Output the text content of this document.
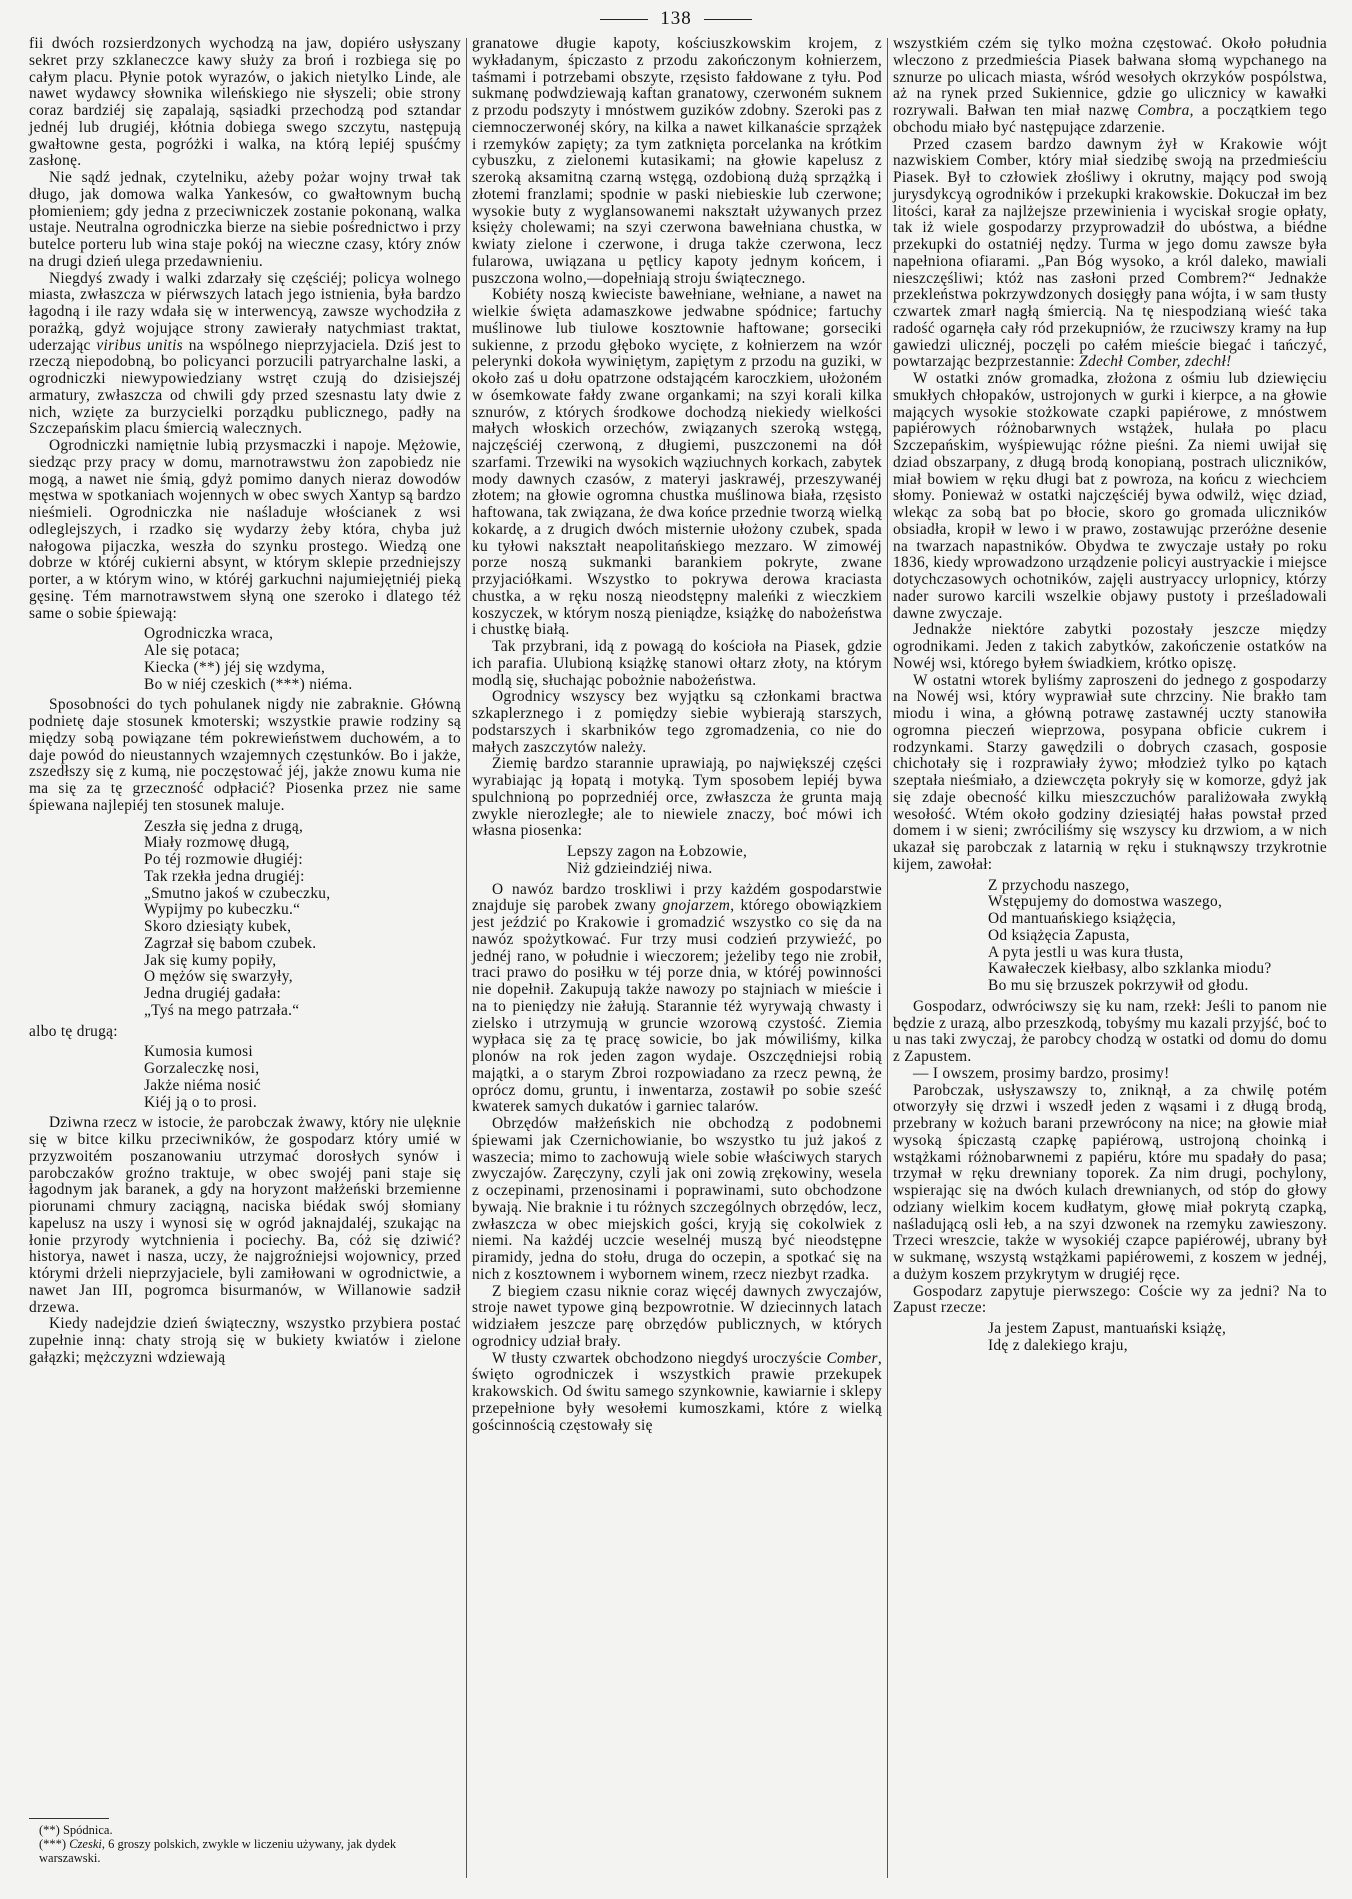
138

fii dwóch rozsierdzonych wychodzą na jaw, dopiéro usłyszany sekret przy szklaneczce kawy służy za broń i rozbiega się po całym placu. Płynie potok wyrazów, o jakich nietylko Linde, ale nawet wydawcy słownika wileńskiego nie słyszeli; obie strony coraz bardziéj się zapalają, sąsiadki przechodzą pod sztandar jednéj lub drugiéj, kłótnia dobiega swego szczytu, następują gwałtowne gesta, pogróżki i walka, na którą lepiéj spuśćmy zasłonę.

Nie sądź jednak, czytelniku, ażeby pożar wojny trwał tak długo, jak domowa walka Yankesów, co gwałtownym buchą płomieniem; gdy jedna z przeciwniczek zostanie pokonaną, walka ustaje. Neutralna ogrodniczka bierze na siebie pośrednictwo i przy butelce porteru lub wina staje pokój na wieczne czasy, który znów na drugi dzień ulega przedawnieniu.

Niegdyś zwady i walki zdarzały się częściéj; policya wolnego miasta, zwłaszcza w piérwszych latach jego istnienia, była bardzo łagodną i ile razy wdała się w interwencyą, zawsze wychodziła z porażką, gdyż wojujące strony zawierały natychmiast traktat, uderzając viribus unitis na wspólnego nieprzyjaciela. Dziś jest to rzeczą niepodobną, bo policyanci porzucili patryarchalne laski, a ogrodniczki niewypowiedziany wstręt czują do dzisiejszéj armatury, zwłaszcza od chwili gdy przed szesnastu laty dwie z nich, wzięte za burzycielki porządku publicznego, padły na Szczepańskim placu śmiercią walecznych.

Ogrodniczki namiętnie lubią przysmaczki i napoje. Mężowie, siedząc przy pracy w domu, marnotrawstwu żon zapobiedz nie mogą, a nawet nie śmią, gdyż pomimo danych nieraz dowodów męstwa w spotkaniach wojennych w obec swych Xantyp są bardzo nieśmieli. Ogrodniczka nie naśladuje włościanek z wsi odleglejszych, i rzadko się wydarzy żeby która, chyba już nałogowa pijaczka, weszła do szynku prostego. Wiedzą one dobrze w któréj cukierni absynt, w którym sklepie przedniejszy porter, a w którym wino, w któréj garkuchni najumiejętniéj pieką gęsinę. Tém marnotrawstwem słyną one szeroko i dlatego téż same o sobie śpiewają:

Ogrodniczka wraca,
Ale się potaca;
Kiecka (**) jéj się wzdyma,
Bo w niéj czeskich (***) niéma.

Sposobności do tych pohulanek nigdy nie zabraknie. Główną podnietę daje stosunek kmoterski; wszystkie prawie rodziny są między sobą powiązane tém pokrewieństwem duchowém, a to daje powód do nieustannych wzajemnych częstunków. Bo i jakże, zszedłszy się z kumą, nie poczęstować jéj, jakże znowu kuma nie ma się za tę grzeczność odpłacić? Piosenka przez nie same śpiewana najlepiéj ten stosunek maluje.

Zeszła się jedna z drugą,
Miały rozmowę długą,
Po téj rozmowie długiéj:
Tak rzekła jedna drugiéj:
„Smutno jakoś w czubeczku,
Wypijmy po kubeczku.“
Skoro dziesiąty kubek,
Zagrzał się babom czubek.
Jak się kumy popiły,
O mężów się swarzyły,
Jedna drugiéj gadała:
„Tyś na mego patrzała.“

albo tę drugą:

Kumosia kumosi
Gorzaleczkę nosi,
Jakże niéma nosić
Kiéj ją o to prosi.

Dziwna rzecz w istocie, że parobczak żwawy, który nie ulęknie się w bitce kilku przeciwników, że gospodarz który umié w przyzwoitém poszanowaniu utrzymać dorosłych synów i parobczaków groźno traktuje, w obec swojéj pani staje się łagodnym jak baranek, a gdy na horyzont małżeński brzemienne piorunami chmury zaciągną, naciska biédak swój słomiany kapelusz na uszy i wynosi się w ogród jaknajdaléj, szukając na łonie przyrody wytchnienia i pociechy. Ba, cóż się dziwić? historya, nawet i nasza, uczy, że najgroźniejsi wojownicy, przed którymi drżeli nieprzyjaciele, byli zamiłowani w ogrodnictwie, a nawet Jan III, pogromca bisurmanów, w Willanowie sadził drzewa.

Kiedy nadejdzie dzień świąteczny, wszystko przybiera postać zupełnie inną: chaty stroją się w bukiety kwiatów i zielone gałązki; mężczyzni wdziewają

granatowe długie kapoty, kościuszkowskim krojem, z wykładanym, śpiczasto z przodu zakończonym kołnierzem, taśmami i potrzebami obszyte, rzęsisto fałdowane z tyłu. Pod sukmanę podwdziewają kaftan granatowy, czerwoném suknem z przodu podszyty i mnóstwem guzików zdobny. Szeroki pas z ciemnoczerwonéj skóry, na kilka a nawet kilkanaście sprzążek i rzemyków zapięty; za tym zatknięta porcelanka na krótkim cybuszku, z zielonemi kutasikami; na głowie kapelusz z szeroką aksamitną czarną wstęgą, ozdobioną dużą sprzążką i złotemi franzlami; spodnie w paski niebieskie lub czerwone; wysokie buty z wyglansowanemi nakształt używanych przez księży cholewami; na szyi czerwona bawełniana chustka, w kwiaty zielone i czerwone, i druga także czerwona, lecz fularowa, uwiązana u pętlicy kapoty jednym końcem, i puszczona wolno,—dopełniają stroju świątecznego.

Kobiéty noszą kwieciste bawełniane, wełniane, a nawet na wielkie święta adamaszkowe jedwabne spódnice; fartuchy muślinowe lub tiulowe kosztownie haftowane; gorseciki sukienne, z przodu głęboko wycięte, z kołnierzem na wzór pelerynki dokoła wywiniętym, zapiętym z przodu na guziki, w około zaś u dołu opatrzone odstającém karoczkiem, ułożoném w ósemkowate fałdy zwane organkami; na szyi korali kilka sznurów, z których środkowe dochodzą niekiedy wielkości małych włoskich orzechów, związanych szeroką wstęgą, najczęściéj czerwoną, z długiemi, puszczonemi na dół szarfami. Trzewiki na wysokich wąziuchnych korkach, zabytek mody dawnych czasów, z materyi jaskrawéj, przeszywanéj złotem; na głowie ogromna chustka muślinowa biała, rzęsisto haftowana, tak związana, że dwa końce przednie tworzą wielką kokardę, a z drugich dwóch misternie ułożony czubek, spada ku tyłowi nakształt neapolitańskiego mezzaro. W zimowéj porze noszą sukmanki barankiem pokryte, zwane przyjaciółkami. Wszystko to pokrywa derowa kraciasta chustka, a w ręku noszą nieodstępny maleńki z wieczkiem koszyczek, w którym noszą pieniądze, książkę do nabożeństwa i chustkę białą.

Tak przybrani, idą z powagą do kościoła na Piasek, gdzie ich parafia. Ulubioną książkę stanowi ołtarz złoty, na którym modlą się, słuchając pobożnie nabożeństwa.

Ogrodnicy wszyscy bez wyjątku są członkami bractwa szkaplerznego i z pomiędzy siebie wybierają starszych, podstarszych i skarbników tego zgromadzenia, co nie do małych zaszczytów należy.

Ziemię bardzo starannie uprawiają, po największéj części wyrabiając ją łopatą i motyką. Tym sposobem lepiéj bywa spulchnioną po poprzedniéj orce, zwłaszcza że grunta mają zwykle nierozległe; ale to niewiele znaczy, boć mówi ich własna piosenka:

Lepszy zagon na Łobzowie,
Niż gdzieindziéj niwa.

O nawóz bardzo troskliwi i przy każdém gospodarstwie znajduje się parobek zwany gnojarzem, którego obowiązkiem jest jeździć po Krakowie i gromadzić wszystko co się da na nawóz spożytkować. Fur trzy musi codzień przywieźć, po jednéj rano, w południe i wieczorem; jeżeliby tego nie zrobił, traci prawo do posiłku w téj porze dnia, w któréj powinności nie dopełnił. Zakupują także nawozy po stajniach w mieście i na to pieniędzy nie żałują. Starannie téż wyrywają chwasty i zielsko i utrzymują w gruncie wzorową czystość. Ziemia wypłaca się za tę pracę sowicie, bo jak mówiliśmy, kilka plonów na rok jeden zagon wydaje. Oszczędniejsi robią majątki, a o starym Zbroi rozpowiadano za rzecz pewną, że oprócz domu, gruntu, i inwentarza, zostawił po sobie sześć kwaterek samych dukatów i garniec talarów.

Obrzędów małżeńskich nie obchodzą z podobnemi śpiewami jak Czernichowianie, bo wszystko tu już jakoś z waszecia; mimo to zachowują wiele sobie właściwych starych zwyczajów. Zaręczyny, czyli jak oni zowią zrękowiny, wesela z oczepinami, przenosinami i poprawinami, suto obchodzone bywają. Nie braknie i tu różnych szczególnych obrzędów, lecz, zwłaszcza w obec miejskich gości, kryją się cokolwiek z niemi. Na każdéj uczcie weselnéj muszą być nieodstępne piramidy, jedna do stołu, druga do oczepin, a spotkać się na nich z kosztownem i wybornem winem, rzecz niezbyt rzadka.

Z biegiem czasu niknie coraz więcéj dawnych zwyczajów, stroje nawet typowe giną bezpowrotnie. W dziecinnych latach widziałem jeszcze parę obrzędów publicznych, w których ogrodnicy udział brały.

W tłusty czwartek obchodzono niegdyś uroczyście Comber, święto ogrodniczek i wszystkich prawie przekupek krakowskich. Od świtu samego szynkownie, kawiarnie i sklepy przepełnione były wesołemi kumoszkami, które z wielką gościnnością częstowały się

wszystkiém czém się tylko można częstować. Około południa wleczono z przedmieścia Piasek bałwana słomą wypchanego na sznurze po ulicach miasta, wśród wesołych okrzyków pospólstwa, aż na rynek przed Sukiennice, gdzie go ulicznicy w kawałki rozrywali. Bałwan ten miał nazwę Combra, a początkiem tego obchodu miało być następujące zdarzenie.

Przed czasem bardzo dawnym żył w Krakowie wójt nazwiskiem Comber, który miał siedzibę swoją na przedmieściu Piasek. Był to człowiek złośliwy i okrutny, mający pod swoją jurysdykcyą ogrodników i przekupki krakowskie. Dokuczał im bez litości, karał za najlżejsze przewinienia i wyciskał srogie opłaty, tak iż wiele gospodarzy przyprowadził do ubóstwa, a biédne przekupki do ostatniéj nędzy. Turma w jego domu zawsze była napełniona ofiarami. „Pan Bóg wysoko, a król daleko, mawiali nieszczęśliwi; któż nas zasłoni przed Combrem?“ Jednakże przekleństwa pokrzywdzonych dosięgły pana wójta, i w sam tłusty czwartek zmarł nagłą śmiercią. Na tę niespodzianą wieść taka radość ogarnęła cały ród przekupniów, że rzuciwszy kramy na łup gawiedzi ulicznéj, poczęli po całém mieście biegać i tańczyć, powtarzając bezprzestannie: Zdechł Comber, zdechł!

W ostatki znów gromadka, złożona z ośmiu lub dziewięciu smukłych chłopaków, ustrojonych w gurki i kierpce, a na głowie mających wysokie stożkowate czapki papiérowe, z mnóstwem papiérowych różnobarwnych wstążek, hulała po placu Szczepańskim, wyśpiewując różne pieśni. Za niemi uwijał się dziad obszarpany, z długą brodą konopianą, postrach uliczników, miał bowiem w ręku długi bat z powroza, na końcu z wiechciem słomy. Ponieważ w ostatki najczęściéj bywa odwilż, więc dziad, wlekąc za sobą bat po błocie, skoro go gromada uliczników obsiadła, kropił w lewo i w prawo, zostawując przeróżne desenie na twarzach napastników. Obydwa te zwyczaje ustały po roku 1836, kiedy wprowadzono urządzenie policyi austryackie i miejsce dotychczasowych ochotników, zajęli austryaccy urlopnicy, którzy nader surowo karcili wszelkie objawy pustoty i prześladowali dawne zwyczaje.

Jednakże niektóre zabytki pozostały jeszcze między ogrodnikami. Jeden z takich zabytków, zakończenie ostatków na Nowéj wsi, którego byłem świadkiem, krótko opiszę.

W ostatni wtorek byliśmy zaproszeni do jednego z gospodarzy na Nowéj wsi, który wyprawiał sute chrzciny. Nie brakło tam miodu i wina, a główną potrawę zastawnéj uczty stanowiła ogromna pieczeń wieprzowa, posypana obficie cukrem i rodzynkami. Starzy gawędzili o dobrych czasach, gosposie chichotały się i rozprawiały żywo; młodzież tylko po kątach szeptała nieśmiało, a dziewczęta pokryły się w komorze, gdyż jak się zdaje obecność kilku mieszczuchów paraliżowała zwykłą wesołość. Wtém około godziny dziesiątéj hałas powstał przed domem i w sieni; zwróciliśmy się wszyscy ku drzwiom, a w nich ukazał się parobczak z latarnią w ręku i stuknąwszy trzykrotnie kijem, zawołał:

Z przychodu naszego,
Wstępujemy do domostwa waszego,
Od mantuańskiego książęcia,
Od książęcia Zapusta,
A pyta jestli u was kura tłusta,
Kawałeczek kiełbasy, albo szklanka miodu?
Bo mu się brzuszek pokrzywił od głodu.

Gospodarz, odwróciwszy się ku nam, rzekł: Jeśli to panom nie będzie z urazą, albo przeszkodą, tobyśmy mu kazali przyjść, boć to u nas taki zwyczaj, że parobcy chodzą w ostatki od domu do domu z Zapustem.

— I owszem, prosimy bardzo, prosimy!

Parobczak, usłyszawszy to, zniknął, a za chwilę potém otworzyły się drzwi i wszedł jeden z wąsami i z długą brodą, przebrany w kożuch barani przewrócony na nice; na głowie miał wysoką śpiczastą czapkę papiérową, ustrojoną choinką i wstążkami różnobarwnemi z papiéru, które mu spadały do pasa; trzymał w ręku drewniany toporek. Za nim drugi, pochylony, wspierając się na dwóch kulach drewnianych, od stóp do głowy odziany wielkim kocem kudłatym, głowę miał pokrytą czapką, naśladującą osli łeb, a na szyi dzwonek na rzemyku zawieszony. Trzeci wreszcie, także w wysokiéj czapce papiérowéj, ubrany był w sukmanę, wszystą wstążkami papiérowemi, z koszem w jednéj, a dużym koszem przykrytym w drugiéj ręce.

Gospodarz zapytuje pierwszego: Coście wy za jedni? Na to Zapust rzecze:

Ja jestem Zapust, mantuański książę,
Idę z dalekiego kraju,
(**) Spódnica.
(***) Czeski, 6 groszy polskich, zwykle w liczeniu używany, jak dydek warszawski.
